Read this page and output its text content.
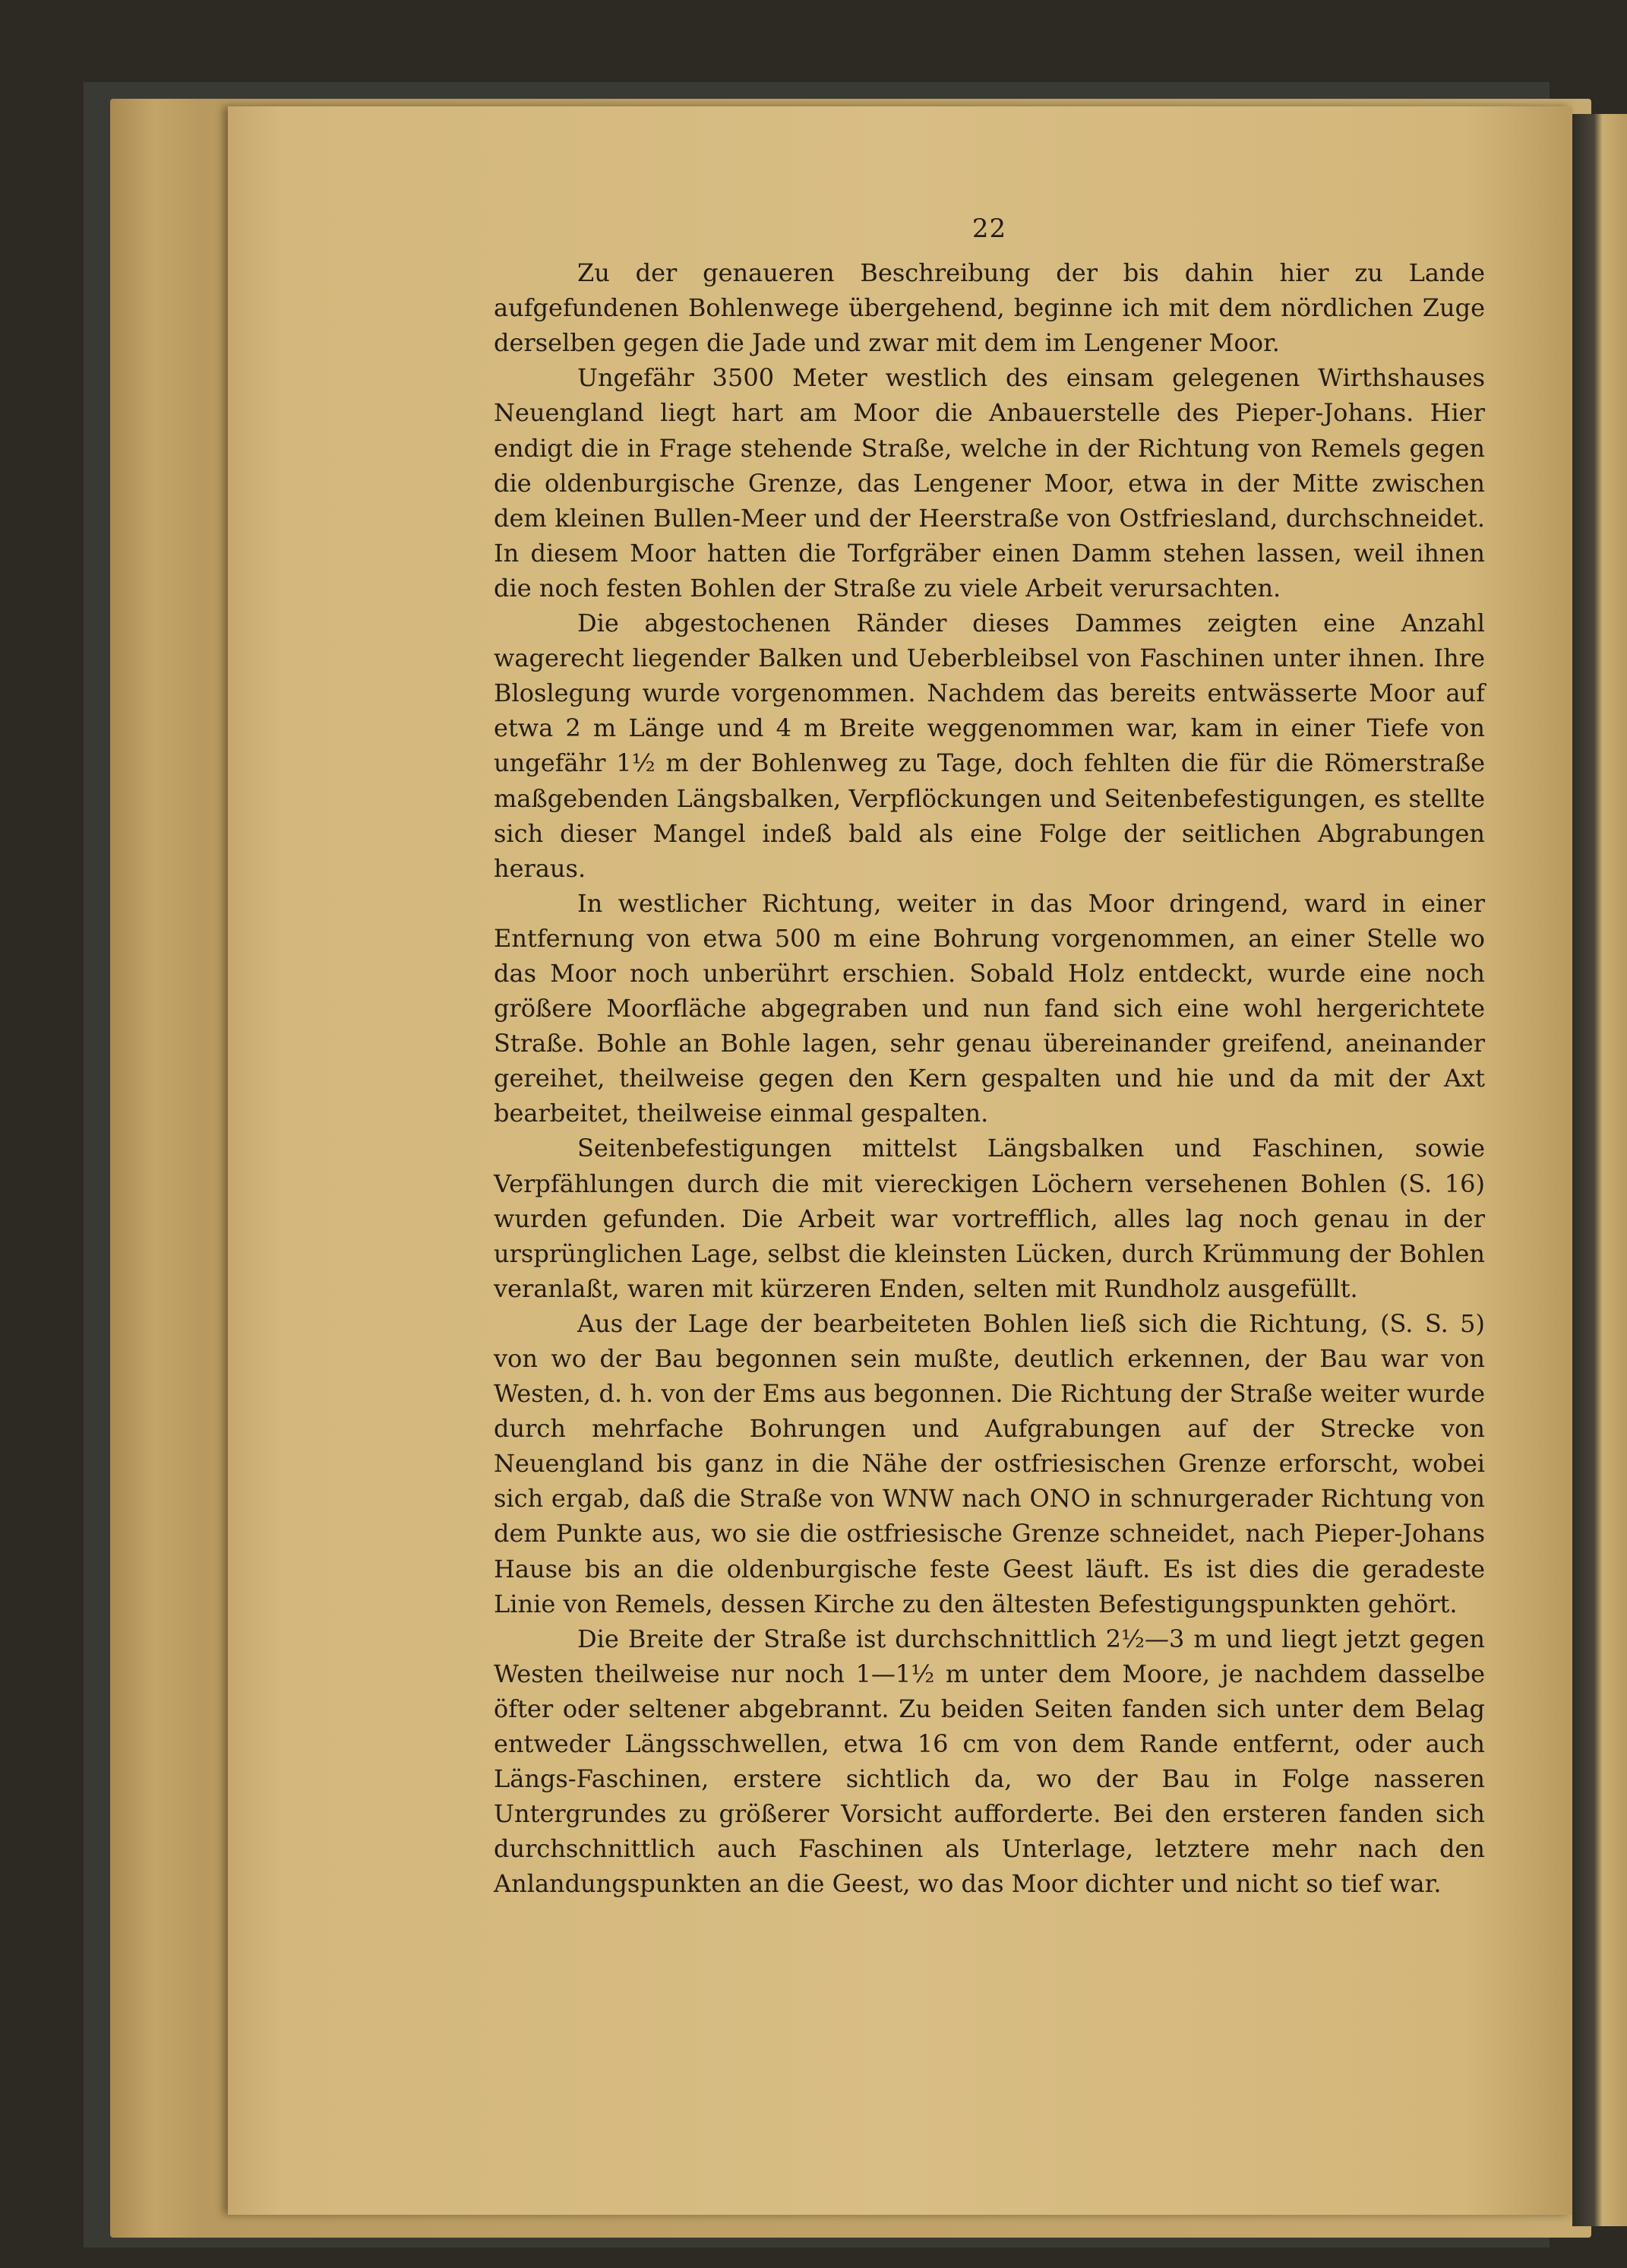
22

Zu der genaueren Beschreibung der bis dahin hier zu Lande aufgefundenen Bohlenwege übergehend, beginne ich mit dem nördlichen Zuge derselben gegen die Jade und zwar mit dem im Lengener Moor.

Ungefähr 3500 Meter westlich des einsam gelegenen Wirthshauses Neuengland liegt hart am Moor die Anbauerstelle des Pieper-Johans. Hier endigt die in Frage stehende Straße, welche in der Richtung von Remels gegen die oldenburgische Grenze, das Lengener Moor, etwa in der Mitte zwischen dem kleinen Bullen-Meer und der Heerstraße von Ostfriesland, durchschneidet. In diesem Moor hatten die Torfgräber einen Damm stehen lassen, weil ihnen die noch festen Bohlen der Straße zu viele Arbeit verursachten.

Die abgestochenen Ränder dieses Dammes zeigten eine Anzahl wagerecht liegender Balken und Ueberbleibsel von Faschinen unter ihnen. Ihre Bloslegung wurde vorgenommen. Nachdem das bereits entwässerte Moor auf etwa 2 m Länge und 4 m Breite weggenommen war, kam in einer Tiefe von ungefähr 1½ m der Bohlenweg zu Tage, doch fehlten die für die Römerstraße maßgebenden Längsbalken, Verpflöckungen und Seitenbefestigungen, es stellte sich dieser Mangel indeß bald als eine Folge der seitlichen Abgrabungen heraus.

In westlicher Richtung, weiter in das Moor dringend, ward in einer Entfernung von etwa 500 m eine Bohrung vorgenommen, an einer Stelle wo das Moor noch unberührt erschien. Sobald Holz entdeckt, wurde eine noch größere Moorfläche abgegraben und nun fand sich eine wohl hergerichtete Straße. Bohle an Bohle lagen, sehr genau übereinander greifend, aneinander gereihet, theilweise gegen den Kern gespalten und hie und da mit der Axt bearbeitet, theilweise einmal gespalten.

Seitenbefestigungen mittelst Längsbalken und Faschinen, sowie Verpfählungen durch die mit viereckigen Löchern versehenen Bohlen (S. 16) wurden gefunden. Die Arbeit war vortrefflich, alles lag noch genau in der ursprünglichen Lage, selbst die kleinsten Lücken, durch Krümmung der Bohlen veranlaßt, waren mit kürzeren Enden, selten mit Rundholz ausgefüllt.

Aus der Lage der bearbeiteten Bohlen ließ sich die Richtung, (S. S. 5) von wo der Bau begonnen sein mußte, deutlich erkennen, der Bau war von Westen, d. h. von der Ems aus begonnen. Die Richtung der Straße weiter wurde durch mehrfache Bohrungen und Aufgrabungen auf der Strecke von Neuengland bis ganz in die Nähe der ostfriesischen Grenze erforscht, wobei sich ergab, daß die Straße von WNW nach ONO in schnurgerader Richtung von dem Punkte aus, wo sie die ostfriesische Grenze schneidet, nach Pieper-Johans Hause bis an die oldenburgische feste Geest läuft. Es ist dies die geradeste Linie von Remels, dessen Kirche zu den ältesten Befestigungspunkten gehört.

Die Breite der Straße ist durchschnittlich 2½—3 m und liegt jetzt gegen Westen theilweise nur noch 1—1½ m unter dem Moore, je nachdem dasselbe öfter oder seltener abgebrannt. Zu beiden Seiten fanden sich unter dem Belag entweder Längsschwellen, etwa 16 cm von dem Rande entfernt, oder auch Längs-Faschinen, erstere sichtlich da, wo der Bau in Folge nasseren Untergrundes zu größerer Vorsicht aufforderte. Bei den ersteren fanden sich durchschnittlich auch Faschinen als Unterlage, letztere mehr nach den Anlandungspunkten an die Geest, wo das Moor dichter und nicht so tief war.
